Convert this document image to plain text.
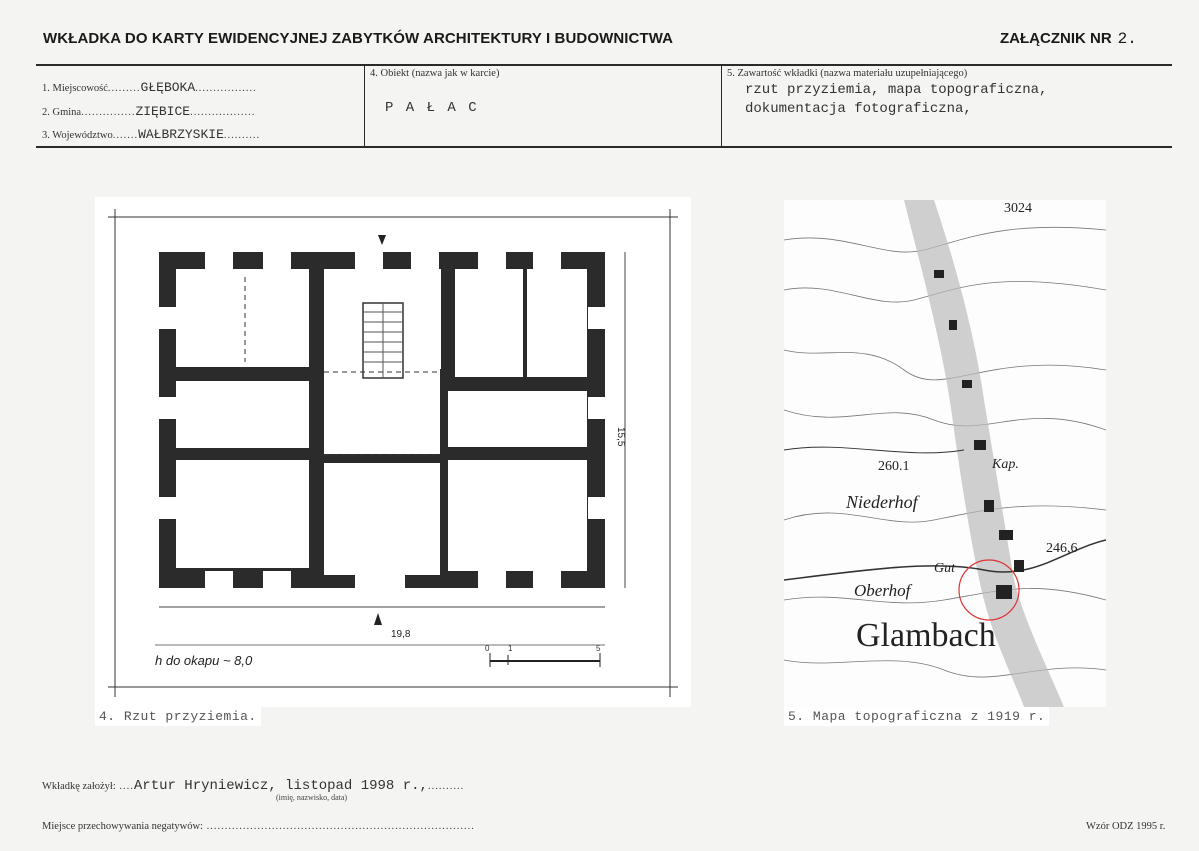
WKŁADKA DO KARTY EWIDENCYJNEJ ZABYTKÓW ARCHITEKTURY I BUDOWNICTWA	ZAŁĄCZNIK NR 2.
1. Miejscowość.........GŁĘBOKA.................
2. Gmina...............ZIĘBICE..................
3. Województwo.......WAŁBRZYSKIE..........
4. Obiekt (nazwa jak w karcie)
P A Ł A C
5. Zawartość wkładki (nazwa materiału uzupełniającego)
rzut przyziemia, mapa topograficzna,
dokumentacja fotograficzna,
0 1	5
h do okapu ~ 8,0
19,8
15,5
4. Rzut przyziemia.
3024
260.1	Kap.
Niederhof
246,6
Gut
Oberhof
Glambach
5. Mapa topograficzna z 1919 r.
Wkładkę założył: ....Artur Hryniewicz, listopad 1998 r.,..........
(imię, nazwisko, data)
Miejsce przechowywania negatywów: ..........................................................................	Wzór ODZ 1995 r.
